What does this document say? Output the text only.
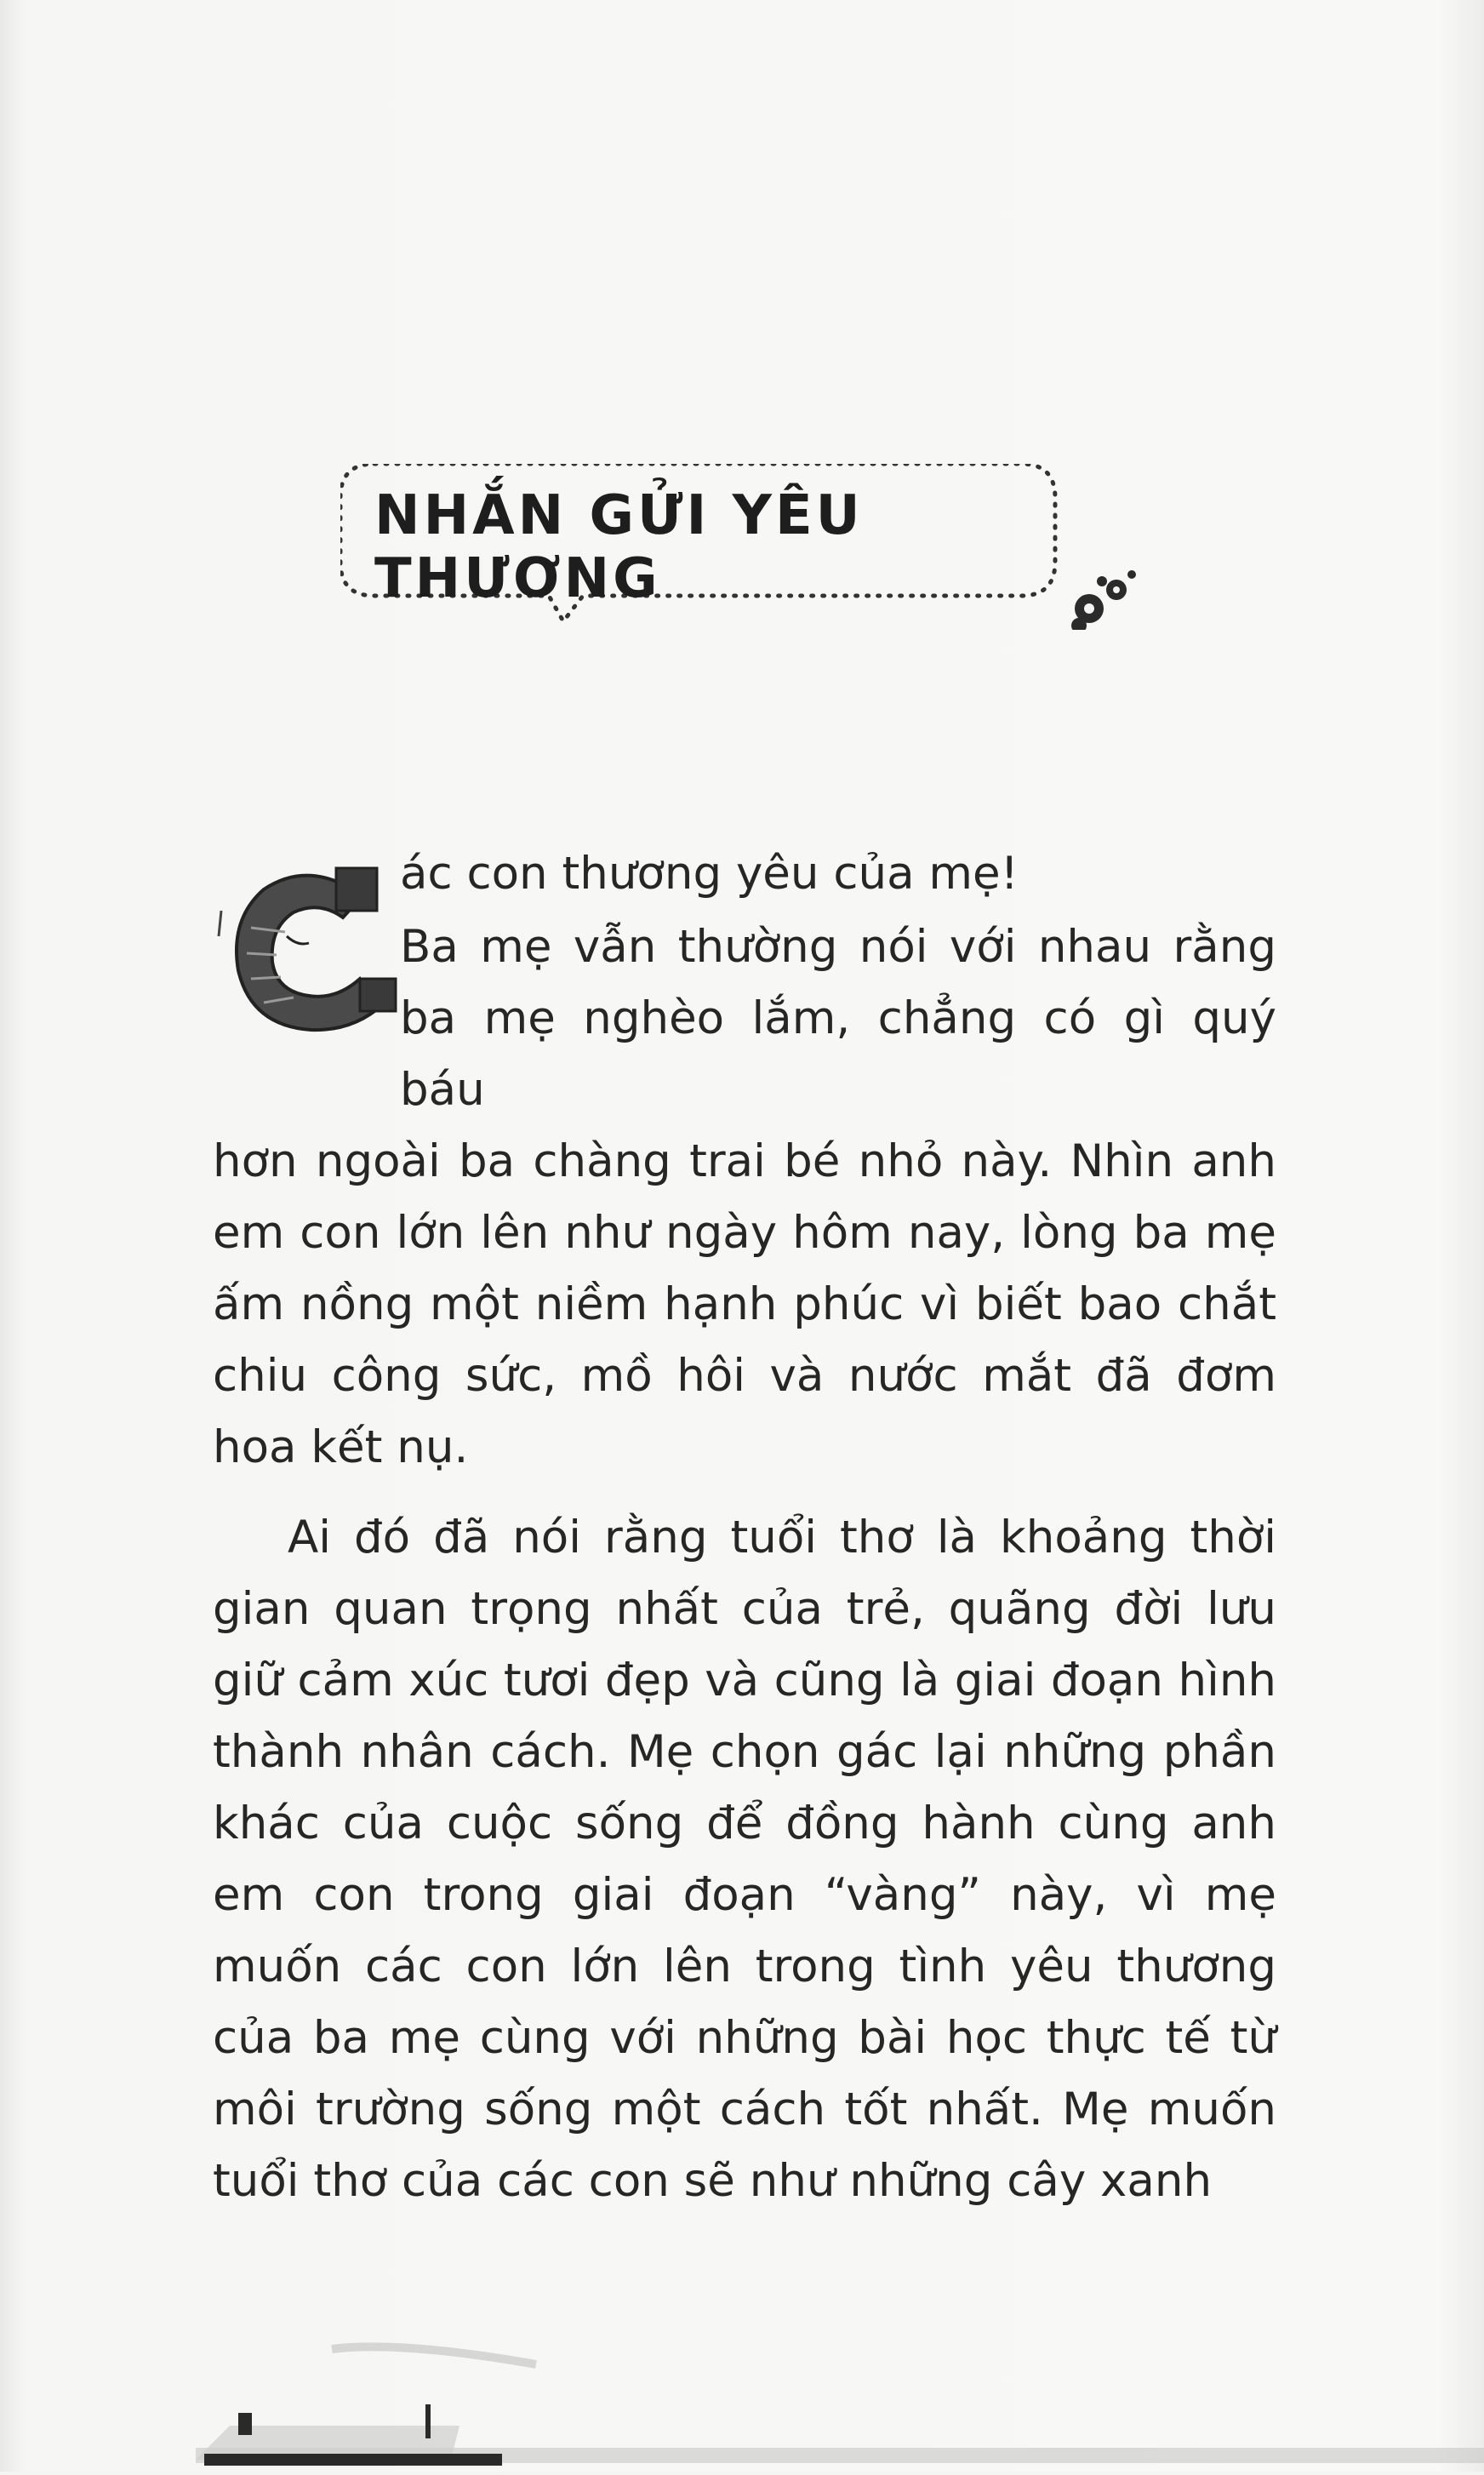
NHẮN GỬI YÊU THƯƠNG

ác con thương yêu của mẹ!

Ba mẹ vẫn thường nói với nhau rằng ba mẹ nghèo lắm, chẳng có gì quý báu
hơn ngoài ba chàng trai bé nhỏ này. Nhìn anh em con lớn lên như ngày hôm nay, lòng ba mẹ ấm nồng một niềm hạnh phúc vì biết bao chắt chiu công sức, mồ hôi và nước mắt đã đơm hoa kết nụ.

Ai đó đã nói rằng tuổi thơ là khoảng thời gian quan trọng nhất của trẻ, quãng đời lưu giữ cảm xúc tươi đẹp và cũng là giai đoạn hình thành nhân cách. Mẹ chọn gác lại những phần khác của cuộc sống để đồng hành cùng anh em con trong giai đoạn “vàng” này, vì mẹ muốn các con lớn lên trong tình yêu thương của ba mẹ cùng với những bài học thực tế từ môi trường sống một cách tốt nhất. Mẹ muốn tuổi thơ của các con sẽ như những cây xanh
